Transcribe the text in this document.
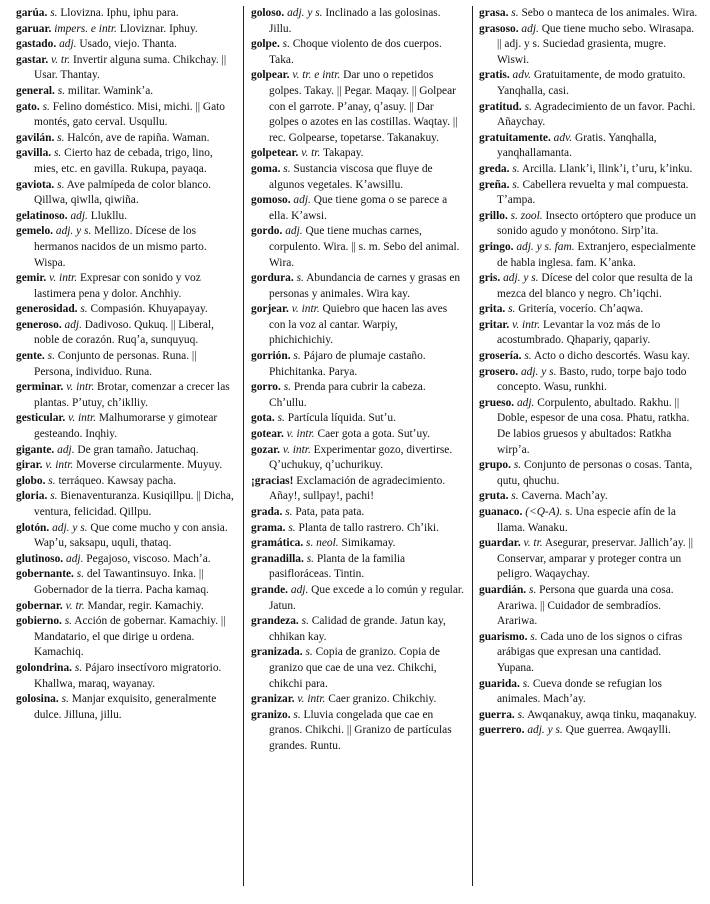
garúa. s. Llovizna. Iphu, iphu para.

garuar. impers. e intr. Lloviznar. Iphuy.

gastado. adj. Usado, viejo. Thanta.

gastar. v. tr. Invertir alguna suma. Chikchay. || Usar. Thantay.

general. s. militar. Waminkʼa.

gato. s. Felino doméstico. Misi, michi. || Gato montés, gato cerval. Usqullu.

gavilán. s. Halcón, ave de rapiña. Waman.

gavilla. s. Cierto haz de cebada, trigo, lino, mies, etc. en gavilla. Rukupa, payaqa.

gaviota. s. Ave palmípeda de color blanco. Qillwa, qiwlla, qiwiña.

gelatinoso. adj. Llukllu.

gemelo. adj. y s. Mellizo. Dícese de los hermanos nacidos de un mismo parto. Wispa.

gemir. v. intr. Expresar con sonido y voz lastimera pena y dolor. Anchhiy.

generosidad. s. Compasión. Khuyapayay.

generoso. adj. Dadivoso. Qukuq. || Liberal, noble de corazón. Ruqʼa, sunquyuq.

gente. s. Conjunto de personas. Runa. || Persona, individuo. Runa.

germinar. v. intr. Brotar, comenzar a crecer las plantas. Pʼutuy, chʼiklliy.

gesticular. v. intr. Malhumorarse y gimotear gesteando. Inqhiy.

gigante. adj. De gran tamaño. Jatuchaq.

girar. v. intr. Moverse circularmente. Muyuy.

globo. s. terráqueo. Kawsay pacha.

gloria. s. Bienaventuranza. Kusiqillpu. || Dicha, ventura, felicidad. Qillpu.

glotón. adj. y s. Que come mucho y con ansia. Wapʼu, saksapu, uquli, thataq.

glutinoso. adj. Pegajoso, viscoso. Machʼa.

gobernante. s. del Tawantinsuyo. Inka. || Gobernador de la tierra. Pacha kamaq.

gobernar. v. tr. Mandar, regir. Kamachiy.

gobierno. s. Acción de gobernar. Kamachiy. || Mandatario, el que dirige u ordena. Kamachiq.

golondrina. s. Pájaro insectívoro migratorio. Khallwa, maraq, wayanay.

golosina. s. Manjar exquisito, generalmente dulce. Jilluna, jillu.

goloso. adj. y s. Inclinado a las golosinas. Jillu.

golpe. s. Choque violento de dos cuerpos. Taka.

golpear. v. tr. e intr. Dar uno o repetidos golpes. Takay. || Pegar. Maqay. || Golpear con el garrote. Pʼanay, qʼasuy. || Dar golpes o azotes en las costillas. Waqtay. || rec. Golpearse, topetarse. Takanakuy.

golpetear. v. tr. Takapay.

goma. s. Sustancia viscosa que fluye de algunos vegetales. Kʼawsillu.

gomoso. adj. Que tiene goma o se parece a ella. Kʼawsi.

gordo. adj. Que tiene muchas carnes, corpulento. Wira. || s. m. Sebo del animal. Wira.

gordura. s. Abundancia de carnes y grasas en personas y animales. Wira kay.

gorjear. v. intr. Quiebro que hacen las aves con la voz al cantar. Warpiy, phichichichiy.

gorrión. s. Pájaro de plumaje castaño. Phichitanka. Parya.

gorro. s. Prenda para cubrir la cabeza. Chʼullu.

gota. s. Partícula líquida. Sutʼu.

gotear. v. intr. Caer gota a gota. Sutʼuy.

gozar. v. intr. Experimentar gozo, divertirse. Qʼuchukuy, qʼuchurikuy.

¡gracias! Exclamación de agradecimiento. Añay!, sullpay!, pachi!

grada. s. Pata, pata pata.

grama. s. Planta de tallo rastrero. Chʼiki.

gramática. s. neol. Simikamay.

granadilla. s. Planta de la familia pasifloráceas. Tintin.

grande. adj. Que excede a lo común y regular. Jatun.

grandeza. s. Calidad de grande. Jatun kay, chhikan kay.

granizada. s. Copia de granizo. Copia de granizo que cae de una vez. Chikchi, chikchi para.

granizar. v. intr. Caer granizo. Chikchiy.

granizo. s. Lluvia congelada que cae en granos. Chikchi. || Granizo de partículas grandes. Runtu.

grasa. s. Sebo o manteca de los animales. Wira.

grasoso. adj. Que tiene mucho sebo. Wirasapa. || adj. y s. Suciedad grasienta, mugre. Wiswi.

gratis. adv. Gratuitamente, de modo gratuito. Yanqhalla, casi.

gratitud. s. Agradecimiento de un favor. Pachi. Añaychay.

gratuitamente. adv. Gratis. Yanqhalla, yanqhallamanta.

greda. s. Arcilla. Llankʼi, llinkʼi, tʼuru, kʼinku.

greña. s. Cabellera revuelta y mal compuesta. Tʼampa.

grillo. s. zool. Insecto ortóptero que produce un sonido agudo y monótono. Sirpʼita.

gringo. adj. y s. fam. Extranjero, especialmente de habla inglesa. fam. Kʼanka.

gris. adj. y s. Dícese del color que resulta de la mezca del blanco y negro. Chʼiqchi.

grita. s. Gritería, vocerío. Chʼaqwa.

gritar. v. intr. Levantar la voz más de lo acostumbrado. Qhapariy, qapariy.

grosería. s. Acto o dicho descortés. Wasu kay.

grosero. adj. y s. Basto, rudo, torpe bajo todo concepto. Wasu, runkhi.

grueso. adj. Corpulento, abultado. Rakhu. || Doble, espesor de una cosa. Phatu, ratkha. De labios gruesos y abultados: Ratkha wirpʼa.

grupo. s. Conjunto de personas o cosas. Tanta, qutu, qhuchu.

gruta. s. Caverna. Machʼay.

guanaco. (<Q-A). s. Una especie afín de la llama. Wanaku.

guardar. v. tr. Asegurar, preservar. Jallichʼay. || Conservar, amparar y proteger contra un peligro. Waqaychay.

guardián. s. Persona que guarda una cosa. Arariwa. || Cuidador de sembradíos. Arariwa.

guarismo. s. Cada uno de los signos o cifras arábigas que expresan una cantidad. Yupana.

guarida. s. Cueva donde se refugian los animales. Machʼay.

guerra. s. Awqanakuy, awqa tinku, maqanakuy.

guerrero. adj. y s. Que guerrea. Awqaylli.
